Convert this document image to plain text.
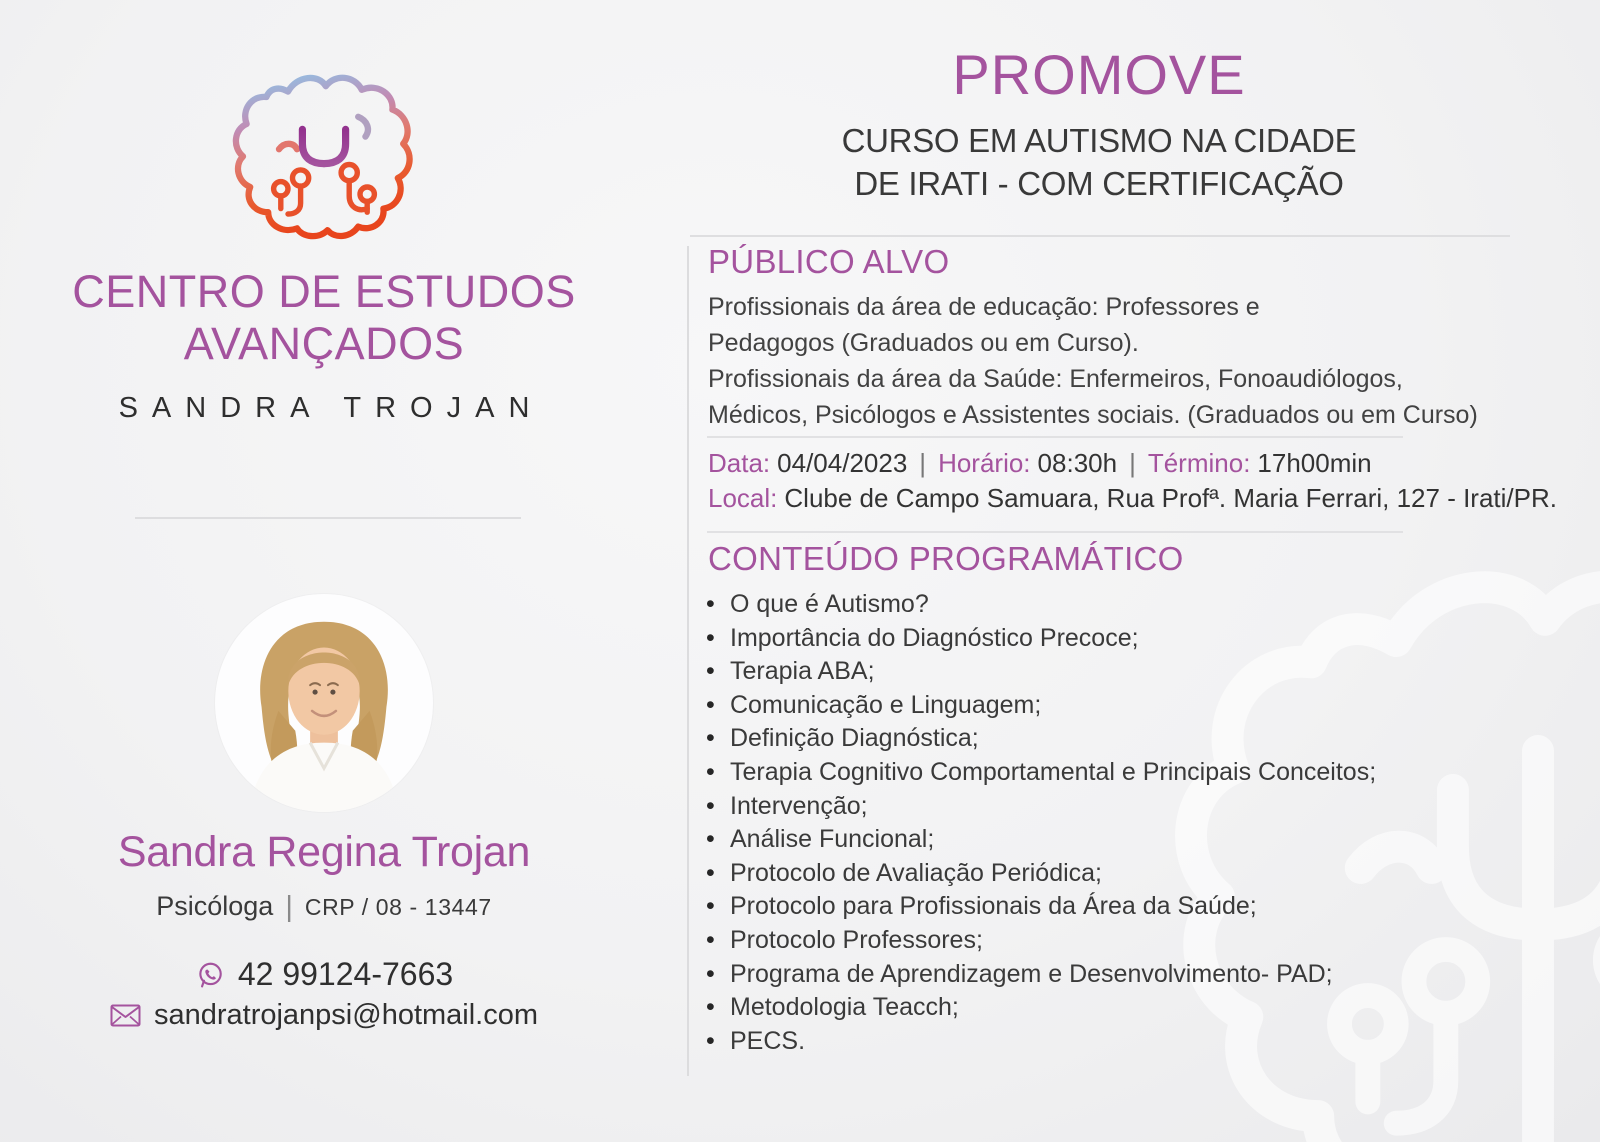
CENTRO DE ESTUDOS
AVANÇADOS
SANDRA TROJAN
Sandra Regina Trojan
Psicóloga | CRP / 08 - 13447
42 99124-7663
sandratrojanpsi@hotmail.com
PROMOVE
CURSO EM AUTISMO NA CIDADE
DE IRATI - COM CERTIFICAÇÃO
PÚBLICO ALVO
Profissionais da área de educação: Professores e
Pedagogos (Graduados ou em Curso).
Profissionais da área da Saúde: Enfermeiros, Fonoaudiólogos,
Médicos, Psicólogos e Assistentes sociais. (Graduados ou em Curso)
Data: 04/04/2023 | Horário: 08:30h | Término: 17h00min
Local: Clube de Campo Samuara, Rua Profª. Maria Ferrari, 127 - Irati/PR.
CONTEÚDO PROGRAMÁTICO
• O que é Autismo?
• Importância do Diagnóstico Precoce;
• Terapia ABA;
• Comunicação e Linguagem;
• Definição Diagnóstica;
• Terapia Cognitivo Comportamental e Principais Conceitos;
• Intervenção;
• Análise Funcional;
• Protocolo de Avaliação Periódica;
• Protocolo para Profissionais da Área da Saúde;
• Protocolo Professores;
• Programa de Aprendizagem e Desenvolvimento- PAD;
• Metodologia Teacch;
• PECS.
